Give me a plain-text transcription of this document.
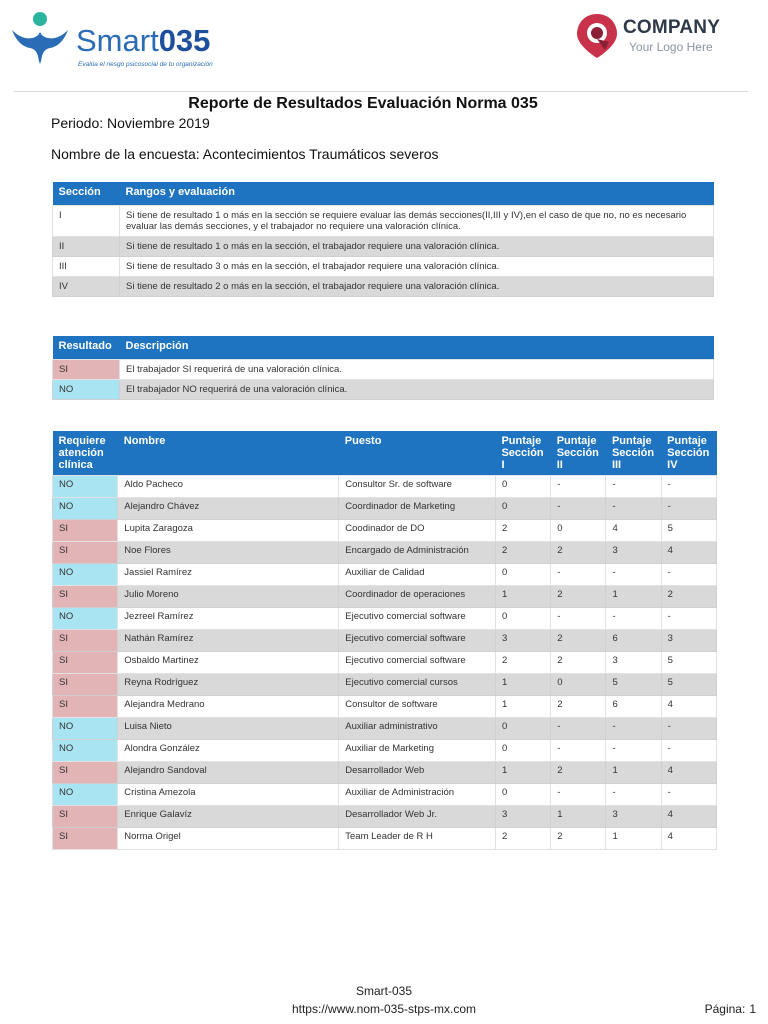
Smart035
Evalúa el riesgo psicosocial de tu organización
COMPANY
Your Logo Here
Reporte de Resultados Evaluación Norma 035
Periodo: Noviembre 2019
Nombre de la encuesta: Acontecimientos Traumáticos severos
Sección	Rangos y evaluación
I	Si tiene de resultado 1 o más en la sección se requiere evaluar las demás secciones(II,III y IV),en el caso de que no, no es necesario evaluar las demás secciones, y el trabajador no requiere una valoración clínica.
II	Si tiene de resultado 1 o más en la sección, el trabajador requiere una valoración clínica.
III	Si tiene de resultado 3 o más en la sección, el trabajador requiere una valoración clínica.
IV	Si tiene de resultado 2 o más en la sección, el trabajador requiere una valoración clínica.
Resultado	Descripción
SI	El trabajador SI requerirá de una valoración clínica.
NO	El trabajador NO requerirá de una valoración clínica.
Requiere atención clínica	Nombre	Puesto	Puntaje Sección I	Puntaje Sección II	Puntaje Sección III	Puntaje Sección IV
NO	Aldo Pacheco	Consultor Sr. de software	0	-	-	-
NO	Alejandro Chávez	Coordinador de Marketing	0	-	-	-
SI	Lupita Zaragoza	Coodinador de DO	2	0	4	5
SI	Noe Flores	Encargado de Administración	2	2	3	4
NO	Jassiel Ramírez	Auxiliar de Calidad	0	-	-	-
SI	Julio Moreno	Coordinador de operaciones	1	2	1	2
NO	Jezreel Ramírez	Ejecutivo comercial software	0	-	-	-
SI	Nathán Ramírez	Ejecutivo comercial software	3	2	6	3
SI	Osbaldo Martinez	Ejecutivo comercial software	2	2	3	5
SI	Reyna Rodríguez	Ejecutivo comercial cursos	1	0	5	5
SI	Alejandra Medrano	Consultor de software	1	2	6	4
NO	Luisa Nieto	Auxiliar administrativo	0	-	-	-
NO	Alondra González	Auxiliar de Marketing	0	-	-	-
SI	Alejandro Sandoval	Desarrollador Web	1	2	1	4
NO	Cristina Amezola	Auxiliar de Administración	0	-	-	-
SI	Enrique Galavíz	Desarrollador Web Jr.	3	1	3	4
SI	Norma Origel	Team Leader de R H	2	2	1	4
Smart-035
https://www.nom-035-stps-mx.com	Página: 1
